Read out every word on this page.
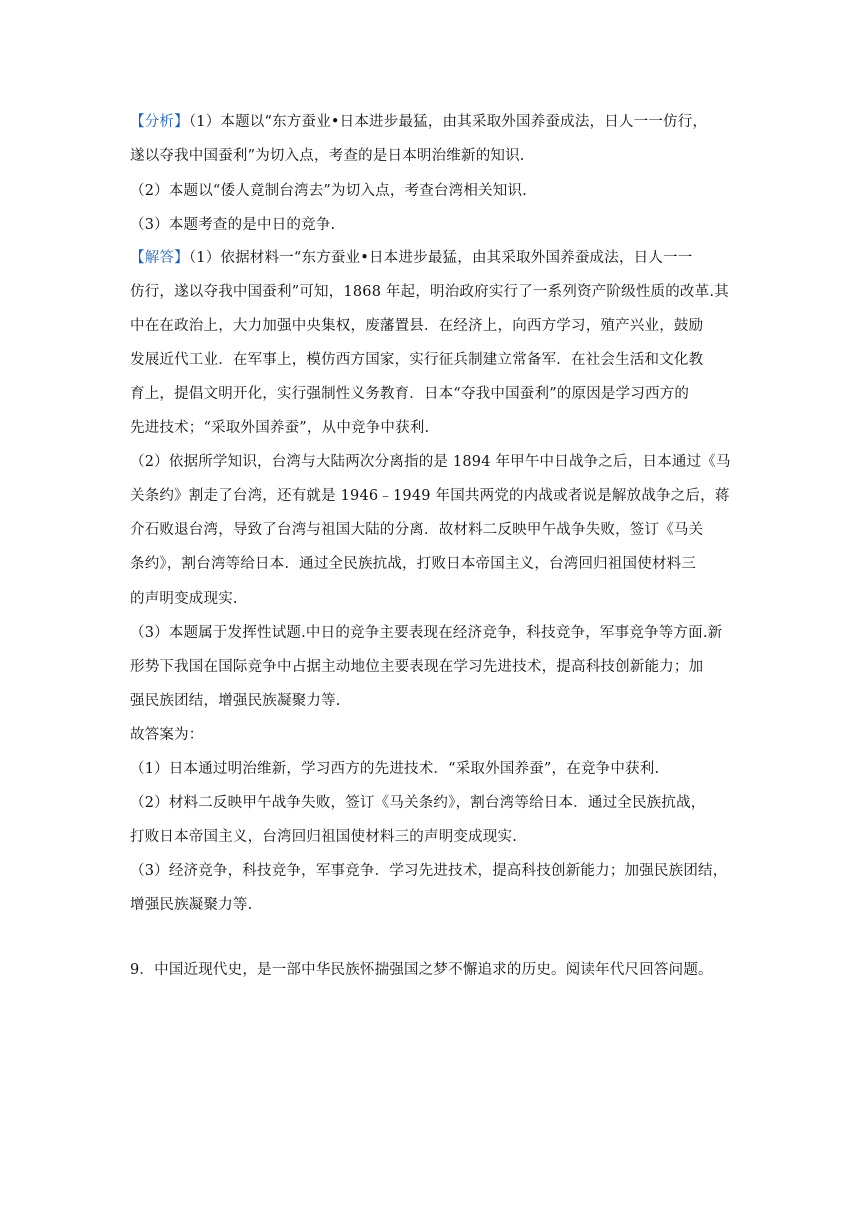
【分析】（1）本题以“东方蚕业•日本进步最猛，由其采取外国养蚕成法，日人一一仿行，
遂以夺我中国蚕利”为切入点，考查的是日本明治维新的知识.
（2）本题以“倭人竟制台湾去”为切入点，考查台湾相关知识.
（3）本题考查的是中日的竞争.
【解答】（1）依据材料一“东方蚕业•日本进步最猛，由其采取外国养蚕成法，日人一一
仿行，遂以夺我中国蚕利”可知，1868 年起，明治政府实行了一系列资产阶级性质的改革.其
中在在政治上，大力加强中央集权，废藩置县．在经济上，向西方学习，殖产兴业，鼓励
发展近代工业．在军事上，模仿西方国家，实行征兵制建立常备军．在社会生活和文化教
育上，提倡文明开化，实行强制性义务教育．日本“夺我中国蚕利”的原因是学习西方的
先进技术；“采取外国养蚕”，从中竞争中获利.
（2）依据所学知识，台湾与大陆两次分离指的是 1894 年甲午中日战争之后，日本通过《马
关条约》割走了台湾，还有就是 1946﹣1949 年国共两党的内战或者说是解放战争之后，蒋
介石败退台湾，导致了台湾与祖国大陆的分离．故材料二反映甲午战争失败，签订《马关
条约》，割台湾等给日本．通过全民族抗战，打败日本帝国主义，台湾回归祖国使材料三
的声明变成现实.
（3）本题属于发挥性试题.中日的竞争主要表现在经济竞争，科技竞争，军事竞争等方面.新
形势下我国在国际竞争中占据主动地位主要表现在学习先进技术，提高科技创新能力；加
强民族团结，增强民族凝聚力等.
故答案为：
（1）日本通过明治维新，学习西方的先进技术．“采取外国养蚕”，在竞争中获利.
（2）材料二反映甲午战争失败，签订《马关条约》，割台湾等给日本．通过全民族抗战，
打败日本帝国主义，台湾回归祖国使材料三的声明变成现实.
（3）经济竞争，科技竞争，军事竞争．学习先进技术，提高科技创新能力；加强民族团结，
增强民族凝聚力等.
9．中国近现代史，是一部中华民族怀揣强国之梦不懈追求的历史。阅读年代尺回答问题。
